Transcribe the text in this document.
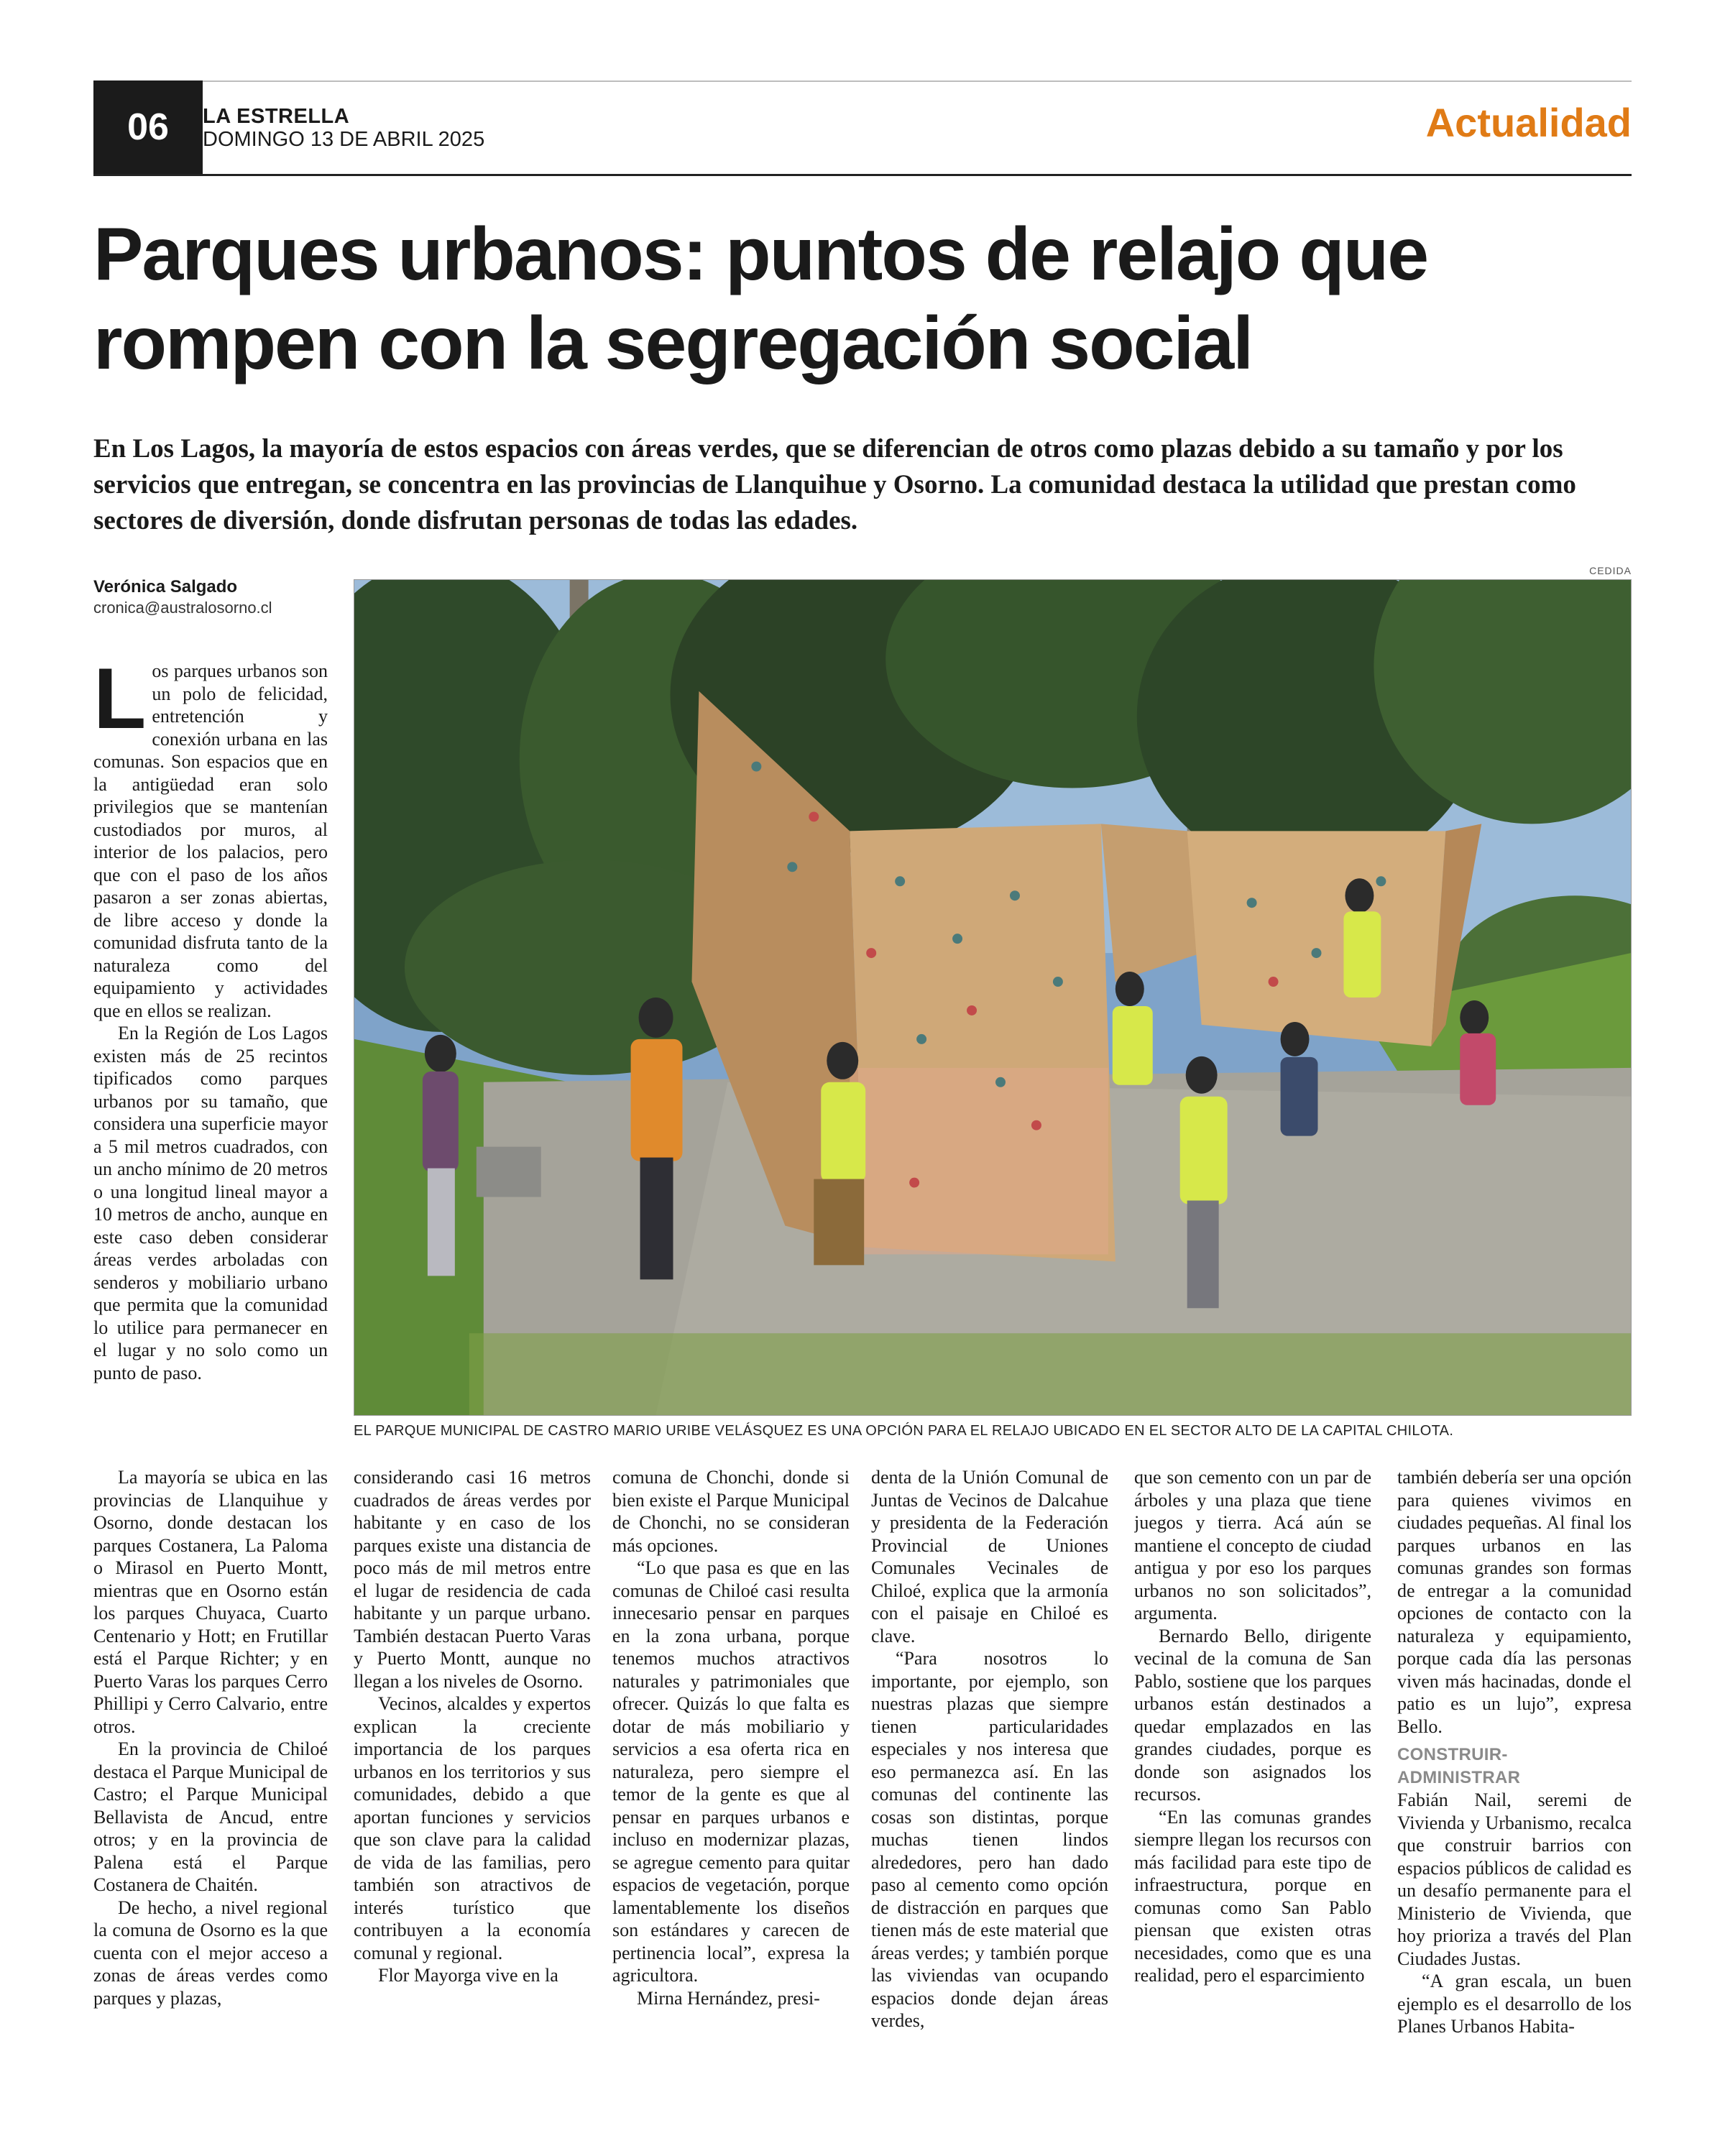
06	LA ESTRELLA
DOMINGO 13 DE ABRIL 2025	Actualidad
Parques urbanos: puntos de relajo que
rompen con la segregación social

En Los Lagos, la mayoría de estos espacios con áreas verdes, que se diferencian de otros como plazas debido a su tamaño y por los servicios que entregan, se concentra en las provincias de Llanquihue y Osorno. La comunidad destaca la utilidad que prestan como sectores de diversión, donde disfrutan personas de todas las edades.

Verónica Salgado
cronica@australosorno.cl
CEDIDA
EL PARQUE MUNICIPAL DE CASTRO MARIO URIBE VELÁSQUEZ ES UNA OPCIÓN PARA EL RELAJO UBICADO EN EL SECTOR ALTO DE LA CAPITAL CHILOTA.

Los parques urbanos son un polo de felicidad, entretención y conexión urbana en las comunas. Son espacios que en la antigüedad eran solo privilegios que se mantenían custodiados por muros, al interior de los palacios, pero que con el paso de los años pasaron a ser zonas abiertas, de libre acceso y donde la comunidad disfruta tanto de la naturaleza como del equipamiento y actividades que en ellos se realizan.

En la Región de Los Lagos existen más de 25 recintos tipificados como parques urbanos por su tamaño, que considera una superficie mayor a 5 mil metros cuadrados, con un ancho mínimo de 20 metros o una longitud lineal mayor a 10 metros de ancho, aunque en este caso deben considerar áreas verdes arboladas con senderos y mobiliario urbano que permita que la comunidad lo utilice para permanecer en el lugar y no solo como un punto de paso.

La mayoría se ubica en las provincias de Llanquihue y Osorno, donde destacan los parques Costanera, La Paloma o Mirasol en Puerto Montt, mientras que en Osorno están los parques Chuyaca, Cuarto Centenario y Hott; en Frutillar está el Parque Richter; y en Puerto Varas los parques Cerro Phillipi y Cerro Calvario, entre otros.

En la provincia de Chiloé destaca el Parque Municipal de Castro; el Parque Municipal Bellavista de Ancud, entre otros; y en la provincia de Palena está el Parque Costanera de Chaitén.

De hecho, a nivel regional la comuna de Osorno es la que cuenta con el mejor acceso a zonas de áreas verdes como parques y plazas,

considerando casi 16 metros cuadrados de áreas verdes por habitante y en caso de los parques existe una distancia de poco más de mil metros entre el lugar de residencia de cada habitante y un parque urbano. También destacan Puerto Varas y Puerto Montt, aunque no llegan a los niveles de Osorno.

Vecinos, alcaldes y expertos explican la creciente importancia de los parques urbanos en los territorios y sus comunidades, debido a que aportan funciones y servicios que son clave para la calidad de vida de las familias, pero también son atractivos de interés turístico que contribuyen a la economía comunal y regional.

Flor Mayorga vive en la

comuna de Chonchi, donde si bien existe el Parque Municipal de Chonchi, no se consideran más opciones.

“Lo que pasa es que en las comunas de Chiloé casi resulta innecesario pensar en parques en la zona urbana, porque tenemos muchos atractivos naturales y patrimoniales que ofrecer. Quizás lo que falta es dotar de más mobiliario y servicios a esa oferta rica en naturaleza, pero siempre el temor de la gente es que al pensar en parques urbanos e incluso en modernizar plazas, se agregue cemento para quitar espacios de vegetación, porque lamentablemente los diseños son estándares y carecen de pertinencia local”, expresa la agricultora.

Mirna Hernández, presi-

denta de la Unión Comunal de Juntas de Vecinos de Dalcahue y presidenta de la Federación Provincial de Uniones Comunales Vecinales de Chiloé, explica que la armonía con el paisaje en Chiloé es clave.

“Para nosotros lo importante, por ejemplo, son nuestras plazas que siempre tienen particularidades especiales y nos interesa que eso permanezca así. En las comunas del continente las cosas son distintas, porque muchas tienen lindos alrededores, pero han dado paso al cemento como opción de distracción en parques que tienen más de este material que áreas verdes; y también porque las viviendas van ocupando espacios donde dejan áreas verdes,

que son cemento con un par de árboles y una plaza que tiene juegos y tierra. Acá aún se mantiene el concepto de ciudad antigua y por eso los parques urbanos no son solicitados”, argumenta.

Bernardo Bello, dirigente vecinal de la comuna de San Pablo, sostiene que los parques urbanos están destinados a quedar emplazados en las grandes ciudades, porque es donde son asignados los recursos.

“En las comunas grandes siempre llegan los recursos con más facilidad para este tipo de infraestructura, porque en comunas como San Pablo piensan que existen otras necesidades, como que es una realidad, pero el esparcimiento

también debería ser una opción para quienes vivimos en ciudades pequeñas. Al final los parques urbanos en las comunas grandes son formas de entregar a la comunidad opciones de contacto con la naturaleza y equipamiento, porque cada día las personas viven más hacinadas, donde el patio es un lujo”, expresa Bello.

CONSTRUIR- ADMINISTRAR

Fabián Nail, seremi de Vivienda y Urbanismo, recalca que construir barrios con espacios públicos de calidad es un desafío permanente para el Ministerio de Vivienda, que hoy prioriza a través del Plan Ciudades Justas.

“A gran escala, un buen ejemplo es el desarrollo de los Planes Urbanos Habita-
